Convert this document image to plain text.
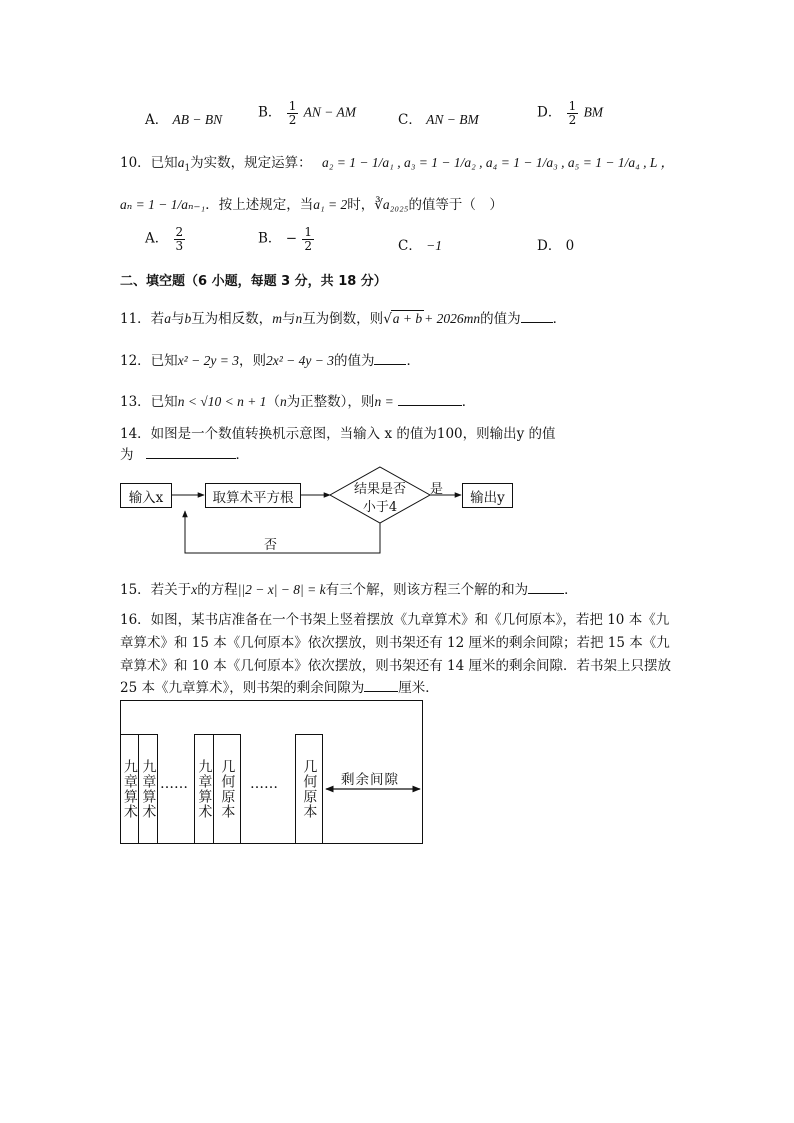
A． AB − BN	B． $\frac{1}{2}$ AN − AM	C． AN − BM	D． $\frac{1}{2}$ BM
10．已知$a_1$为实数，规定运算： a₂ = 1 − 1/a₁ , a₃ = 1 − 1/a₂ , a₄ = 1 − 1/a₃ , a₅ = 1 − 1/a₄ , L ，
aₙ = 1 − 1/aₙ₋₁．按上述规定，当a₁ = 2时，∛a₂₀₂₅的值等于（　）
A． $\frac{2}{3}$	B． − $\frac{1}{2}$	C． −1	D． 0
二、填空题（6 小题，每题 3 分，共 18 分）
11．若a与b互为相反数，m与n互为倒数，则√a + b + 2026mn的值为 ．
12．已知x² − 2y = 3，则2x² − 4y − 3的值为 ．
13．已知n < √10 < n + 1（n为正整数），则n =	．
14．如图是一个数值转换机示意图，当输入 x 的值为100，则输出y 的值
为	．
输入x	取算术平方根	结果是否
小于4
是 输出y
否
15．若关于x的方程||2 − x| − 8| = k有三个解，则该方程三个解的和为	．
16．如图，某书店准备在一个书架上竖着摆放《九章算术》和《几何原本》，若把 10 本《九
章算术》和 15 本《几何原本》依次摆放，则书架还有 12 厘米的剩余间隙；若把 15 本《九
章算术》和 10 本《几何原本》依次摆放，则书架还有 14 厘米的剩余间隙．若书架上只摆放
25 本《九章算术》，则书架的剩余间隙为	厘米．
九章算术 九章算术 …… 九章算术 几何原本 …… 几何原本 剩余间隙
